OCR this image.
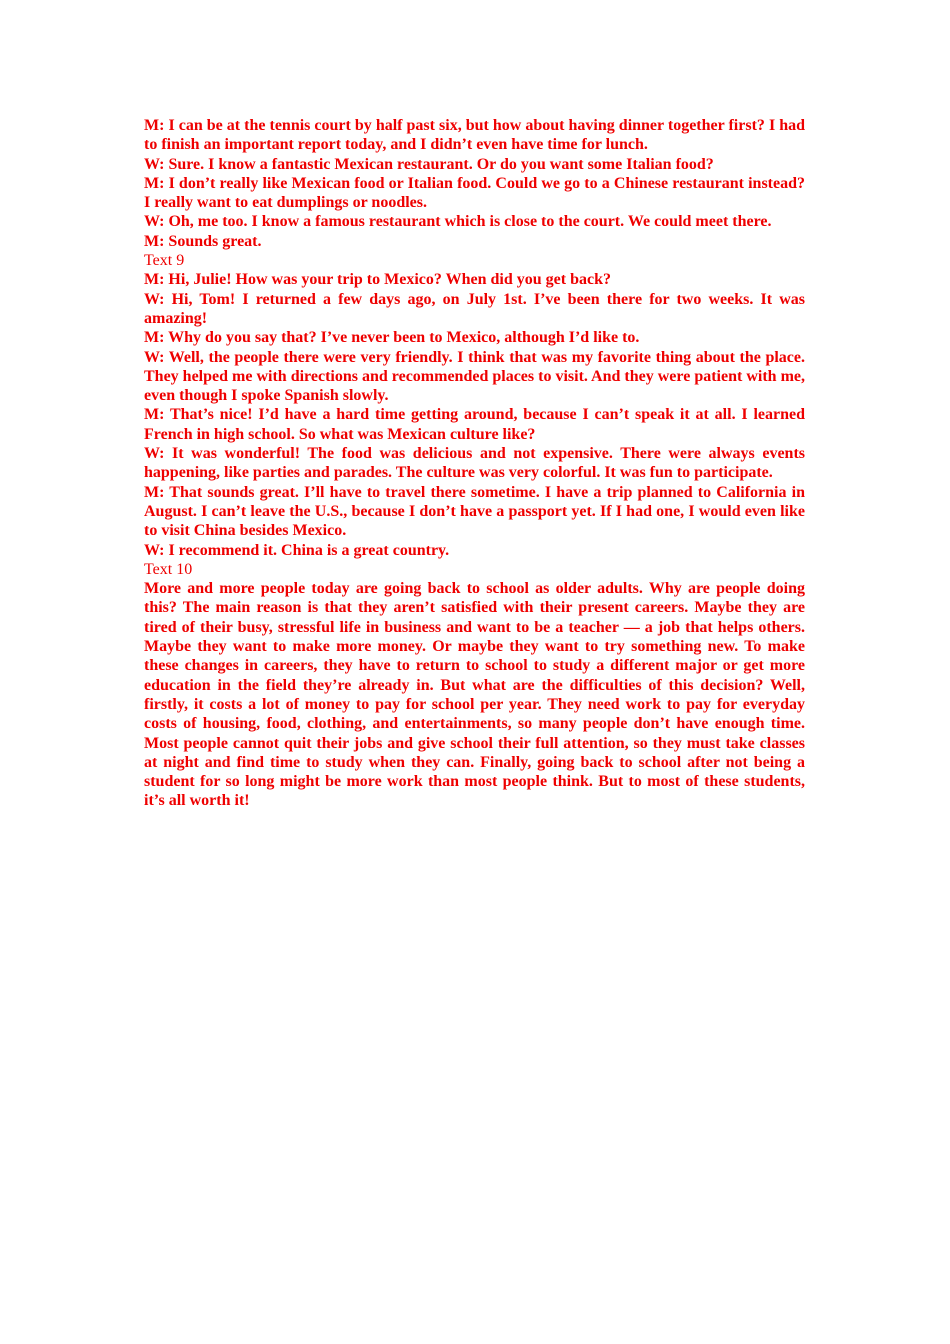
M: I can be at the tennis court by half past six, but how about having dinner together first? I had to finish an important report today, and I didn’t even have time for lunch.

W: Sure. I know a fantastic Mexican restaurant. Or do you want some Italian food?

M: I don’t really like Mexican food or Italian food. Could we go to a Chinese restaurant instead? I really want to eat dumplings or noodles.

W: Oh, me too. I know a famous restaurant which is close to the court. We could meet there.

M: Sounds great.

Text 9

M: Hi, Julie! How was your trip to Mexico? When did you get back?

W: Hi, Tom! I returned a few days ago, on July 1st. I’ve been there for two weeks. It was amazing!

M: Why do you say that? I’ve never been to Mexico, although I’d like to.

W: Well, the people there were very friendly. I think that was my favorite thing about the place. They helped me with directions and recommended places to visit. And they were patient with me, even though I spoke Spanish slowly.

M: That’s nice! I’d have a hard time getting around, because I can’t speak it at all. I learned French in high school. So what was Mexican culture like?

W: It was wonderful! The food was delicious and not expensive. There were always events happening, like parties and parades. The culture was very colorful. It was fun to participate.

M: That sounds great. I’ll have to travel there sometime. I have a trip planned to California in August. I can’t leave the U.S., because I don’t have a passport yet. If I had one, I would even like to visit China besides Mexico.

W: I recommend it. China is a great country.

Text 10

More and more people today are going back to school as older adults. Why are people doing this? The main reason is that they aren’t satisfied with their present careers. Maybe they are tired of their busy, stressful life in business and want to be a teacher — a job that helps others. Maybe they want to make more money. Or maybe they want to try something new. To make these changes in careers, they have to return to school to study a different major or get more education in the field they’re already in. But what are the difficulties of this decision? Well, firstly, it costs a lot of money to pay for school per year. They need work to pay for everyday costs of housing, food, clothing, and entertainments, so many people don’t have enough time. Most people cannot quit their jobs and give school their full attention, so they must take classes at night and find time to study when they can. Finally, going back to school after not being a student for so long might be more work than most people think. But to most of these students, it’s all worth it!
